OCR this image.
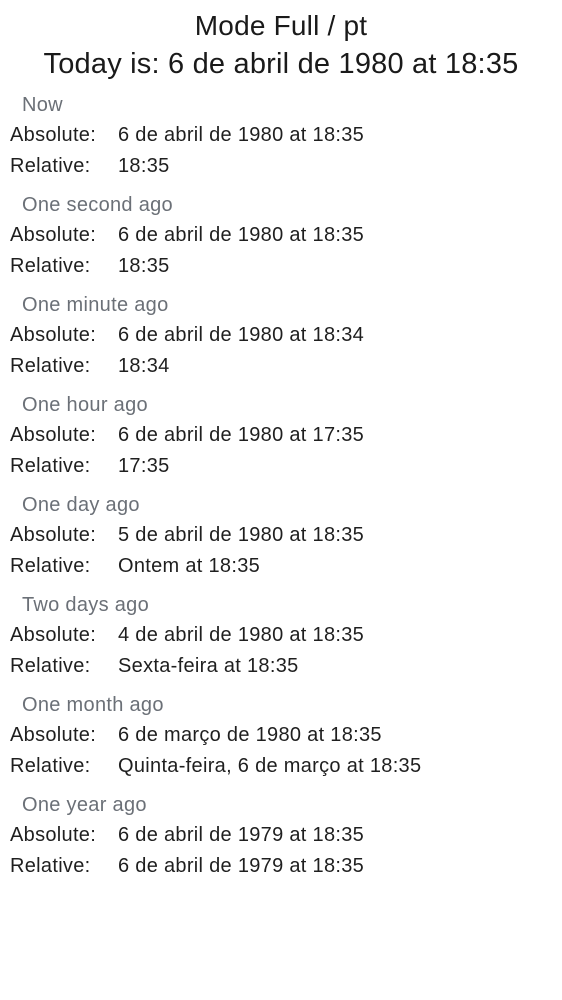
Mode Full / pt
Today is: 6 de abril de 1980 at 18:35
Now
Absolute: 6 de abril de 1980 at 18:35
Relative: 18:35
One second ago
Absolute: 6 de abril de 1980 at 18:35
Relative: 18:35
One minute ago
Absolute: 6 de abril de 1980 at 18:34
Relative: 18:34
One hour ago
Absolute: 6 de abril de 1980 at 17:35
Relative: 17:35
One day ago
Absolute: 5 de abril de 1980 at 18:35
Relative: Ontem at 18:35
Two days ago
Absolute: 4 de abril de 1980 at 18:35
Relative: Sexta-feira at 18:35
One month ago
Absolute: 6 de março de 1980 at 18:35
Relative: Quinta-feira, 6 de março at 18:35
One year ago
Absolute: 6 de abril de 1979 at 18:35
Relative: 6 de abril de 1979 at 18:35
